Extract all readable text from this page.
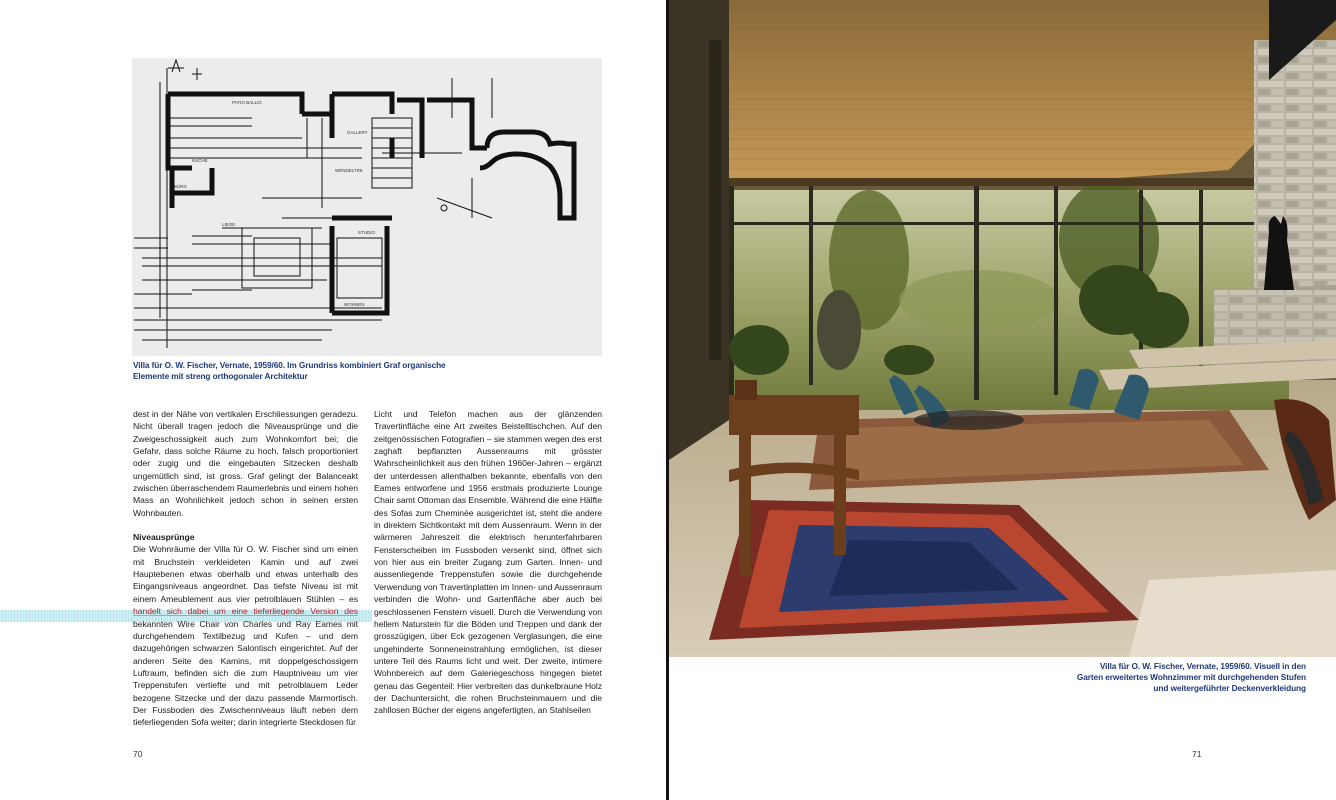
PATIO BALLIG
BÜRO
WENDELTRE
GALLERY
LIEGE
STUDIO
WOHNEN
KÜCHE
Villa für O. W. Fischer, Vernate, 1959/60. Im Grundriss kombiniert Graf organische
Elemente mit streng orthogonaler Architektur

dest in der Nähe von vertikalen Erschliessungen geradezu. Nicht überall tragen jedoch die Niveausprünge und die Zweigeschossigkeit auch zum Wohnkomfort bei; die Gefahr, dass solche Räume zu hoch, falsch proportioniert oder zugig und die eingebauten Sitzecken deshalb ungemütlich sind, ist gross. Graf gelingt der Balanceakt zwischen überraschendem Raumerlebnis und einem hohen Mass an Wohnlichkeit jedoch schon in seinen ersten Wohnbauten.

Niveausprünge

Die Wohnräume der Villa für O. W. Fischer sind um einen mit Bruchstein verkleideten Kamin und auf zwei Hauptebenen etwas oberhalb und etwas unterhalb des Eingangsniveaus angeordnet. Das tiefste Niveau ist mit einem Ameublement aus vier petrolblauen Stühlen – es handelt sich dabei um eine tieferliegende Version des bekannten Wire Chair von Charles und Ray Eames mit durchgehendem Textilbezug und Kufen – und dem dazugehörigen schwarzen Salontisch eingerichtet. Auf der anderen Seite des Kamins, mit doppelgeschossigem Luftraum, befinden sich die zum Hauptniveau um vier Treppenstufen vertiefte und mit petrolblauem Leder bezogene Sitzecke und der dazu passende Marmortisch. Der Fussboden des Zwischenniveaus läuft neben dem tieferliegenden Sofa weiter; darin integrierte Steckdosen für

Licht und Telefon machen aus der glänzenden Travertinfläche eine Art zweites Beistelltischchen. Auf den zeitgenössischen Fotografien – sie stammen wegen des erst zaghaft bepflanzten Aussenraums mit grösster Wahrscheinlichkeit aus den frühen 1960er-Jahren – ergänzt der unterdessen allenthalben bekannte, ebenfalls von den Eames entworfene und 1956 erstmals produzierte Lounge Chair samt Ottoman das Ensemble. Während die eine Hälfte des Sofas zum Cheminée ausgerichtet ist, steht die andere in direktem Sichtkontakt mit dem Aussenraum. Wenn in der wärmeren Jahreszeit die elektrisch herunterfahrbaren Fensterscheiben im Fussboden versenkt sind, öffnet sich von hier aus ein breiter Zugang zum Garten. Innen- und aussenliegende Treppenstufen sowie die durchgehende Verwendung von Travertinplatten im Innen- und Aussenraum verbinden die Wohn- und Gartenfläche aber auch bei geschlossenen Fenstern visuell. Durch die Verwendung von hellem Naturstein für die Böden und Treppen und dank der grosszügigen, über Eck gezogenen Verglasungen, die eine ungehinderte Sonneneinstrahlung ermöglichen, ist dieser untere Teil des Raums licht und weit. Der zweite, intimere Wohnbereich auf dem Galeriegeschoss hingegen bietet genau das Gegenteil: Hier verbreiten das dunkelbraune Holz der Dachuntersicht, die rohen Bruchsteinmauern und die zahllosen Bücher der eigens angefertigten, an Stahlseilen

70
Villa für O. W. Fischer, Vernate, 1959/60. Visuell in den
Garten erweitertes Wohnzimmer mit durchgehenden Stufen
und weitergeführter Deckenverkleidung
71
